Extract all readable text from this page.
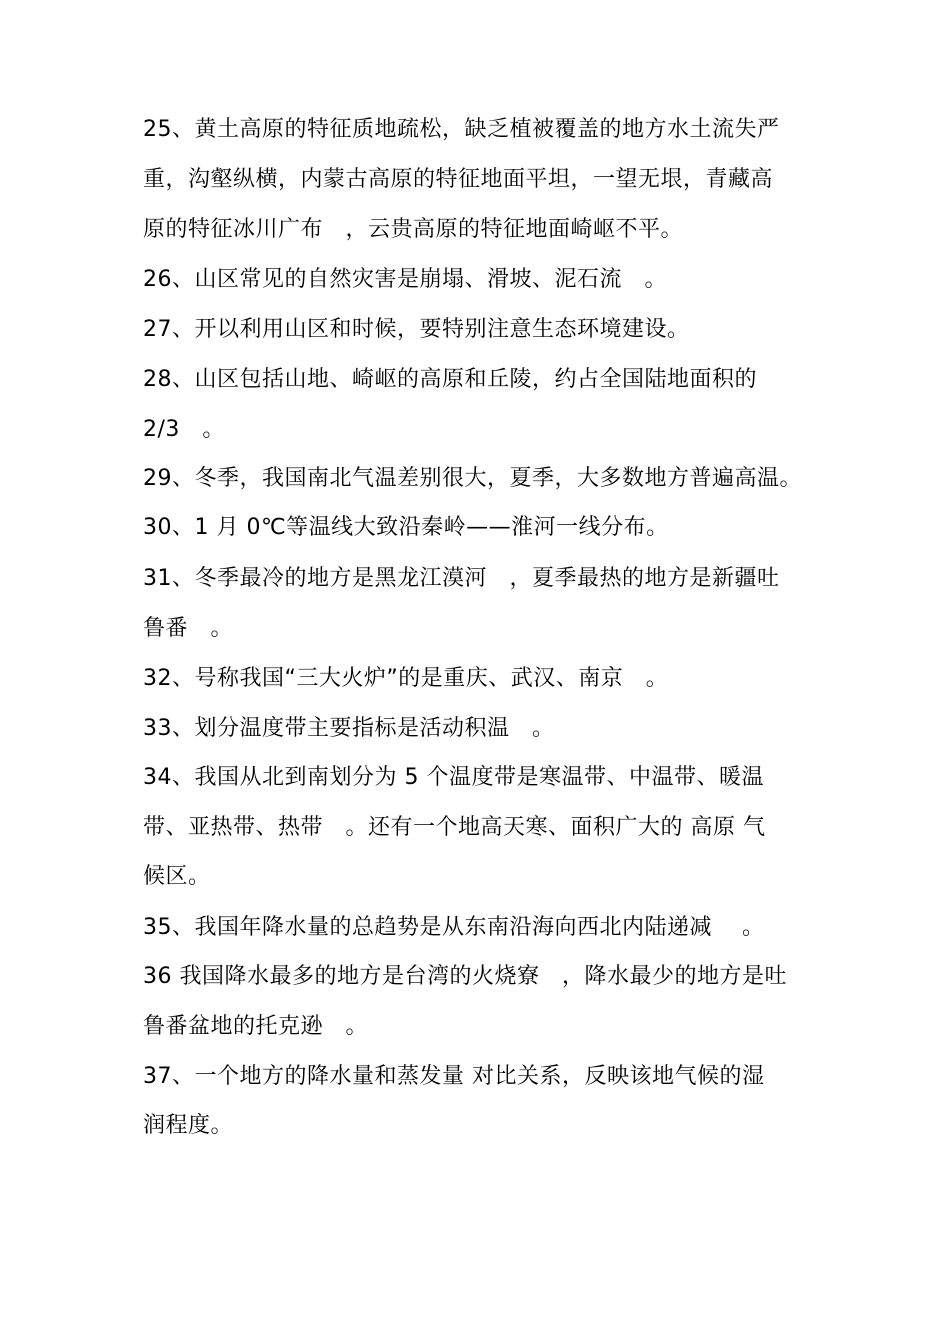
25、黄土高原的特征质地疏松，缺乏植被覆盖的地方水土流失严
重，沟壑纵横，内蒙古高原的特征地面平坦，一望无垠，青藏高
原的特征冰川广布　，云贵高原的特征地面崎岖不平。
26、山区常见的自然灾害是崩塌、滑坡、泥石流　。
27、开以利用山区和时候，要特别注意生态环境建设。
28、山区包括山地、崎岖的高原和丘陵，约占全国陆地面积的
2/3　。
29、冬季，我国南北气温差别很大，夏季，大多数地方普遍高温。
30、1 月 0℃等温线大致沿秦岭——淮河一线分布。
31、冬季最冷的地方是黑龙江漠河　，夏季最热的地方是新疆吐
鲁番　。
32、号称我国“三大火炉”的是重庆、武汉、南京　。
33、划分温度带主要指标是活动积温　。
34、我国从北到南划分为 5 个温度带是寒温带、中温带、暖温
带、亚热带、热带　。还有一个地高天寒、面积广大的 高原 气
候区。
35、我国年降水量的总趋势是从东南沿海向西北内陆递减　 。
36 我国降水最多的地方是台湾的火烧寮　，降水最少的地方是吐
鲁番盆地的托克逊　。
37、一个地方的降水量和蒸发量 对比关系，反映该地气候的湿
润程度。
